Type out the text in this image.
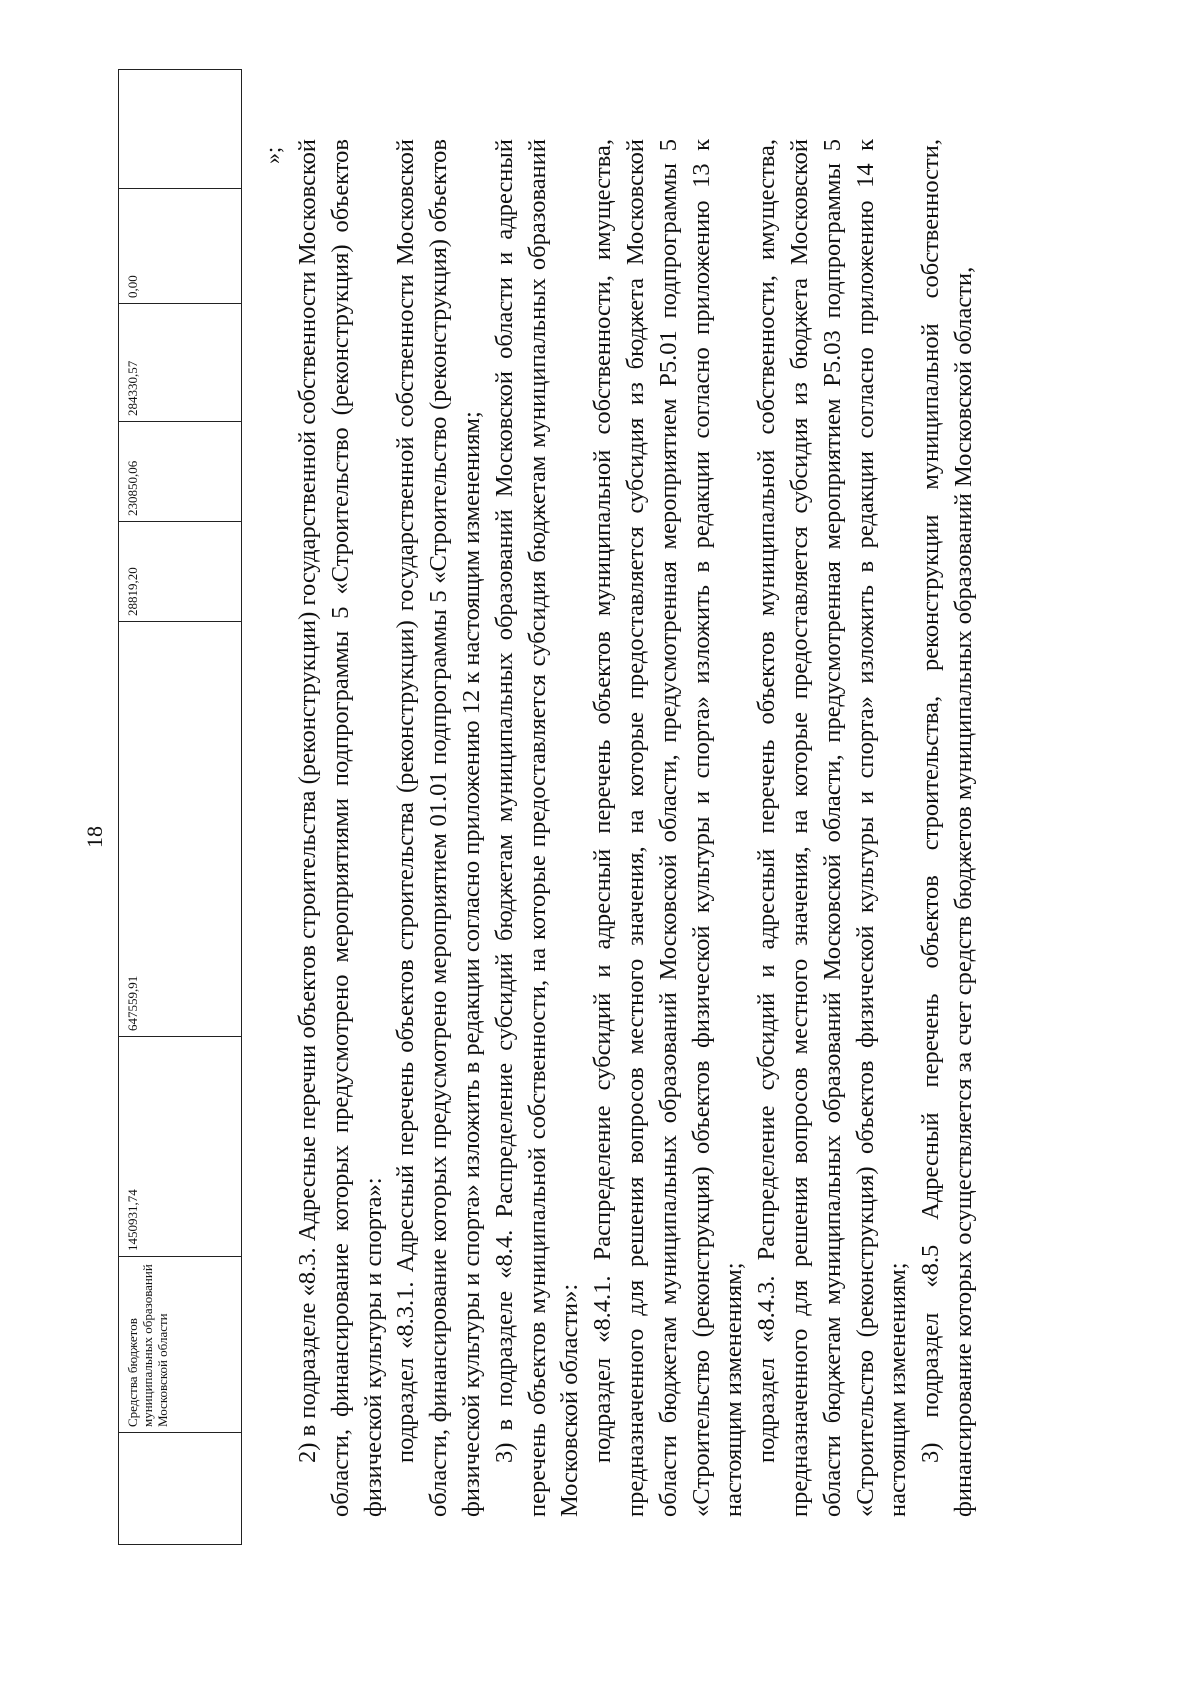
18
	Средства бюджетов муниципальных образований Московской области	1450931,74	647559,91	28819,20	230850,06	284330,57	0,00	
»; 2) в подразделе «8.3. Адресные перечни объектов строительства (реконструкции) государственной собственности Московской области, финансирование которых предусмотрено мероприятиями подпрограммы 5 «Строительство (реконструкция) объектов физической культуры и спорта»: подраздел «8.3.1. Адресный перечень объектов строительства (реконструкции) государственной собственности Московской области, финансирование которых предусмотрено мероприятием 01.01 подпрограммы 5 «Строительство (реконструкция) объектов физической культуры и спорта» изложить в редакции согласно приложению 12 к настоящим изменениям; 3) в подразделе «8.4. Распределение субсидий бюджетам муниципальных образований Московской области и адресный перечень объектов муниципальной собственности, на которые предоставляется субсидия бюджетам муниципальных образований Московской области»: подраздел «8.4.1. Распределение субсидий и адресный перечень объектов муниципальной собственности, имущества, предназначенного для решения вопросов местного значения, на которые предоставляется субсидия из бюджета Московской области бюджетам муниципальных образований Московской области, предусмотренная мероприятием P5.01 подпрограммы 5 «Строительство (реконструкция) объектов физической культуры и спорта» изложить в редакции согласно приложению 13 к настоящим изменениям; подраздел «8.4.3. Распределение субсидий и адресный перечень объектов муниципальной собственности, имущества, предназначенного для решения вопросов местного значения, на которые предоставляется субсидия из бюджета Московской области бюджетам муниципальных образований Московской области, предусмотренная мероприятием P5.03 подпрограммы 5 «Строительство (реконструкция) объектов физической культуры и спорта» изложить в редакции согласно приложению 14 к настоящим изменениям; 3) подраздел «8.5 Адресный перечень объектов строительства, реконструкции муниципальной собственности, финансирование которых осуществляется за счет средств бюджетов муниципальных образований Московской области,
